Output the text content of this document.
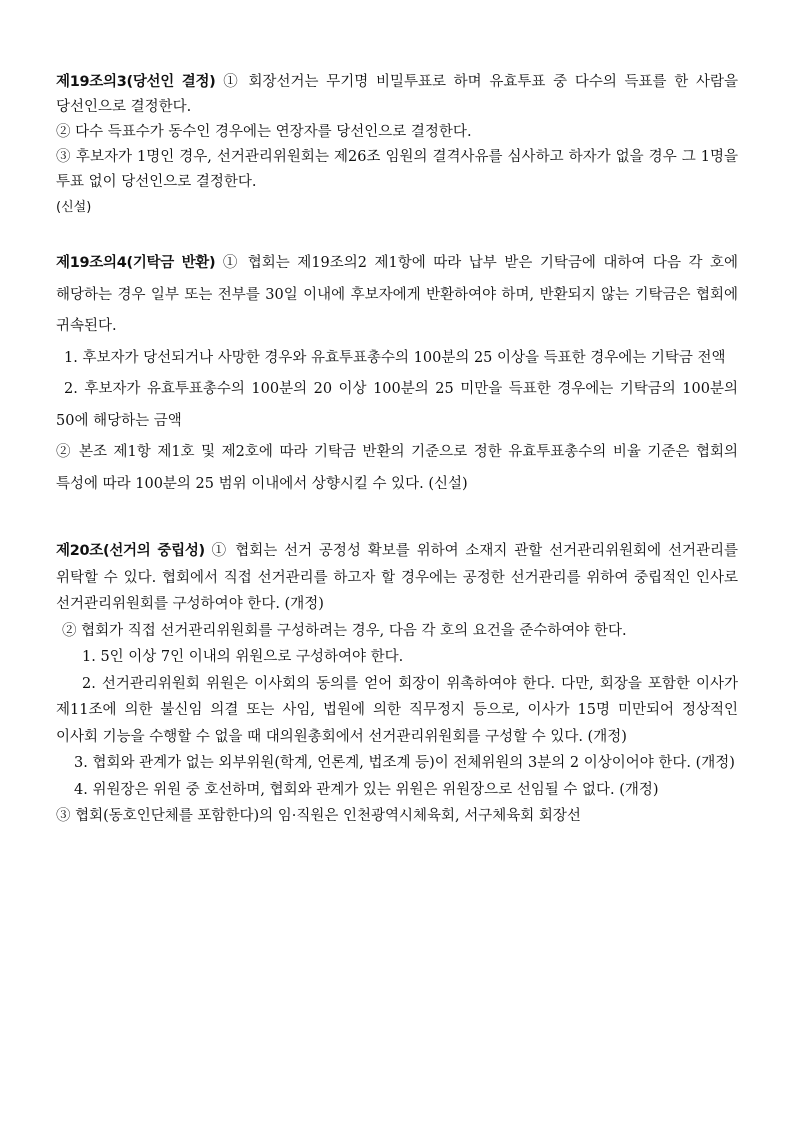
제19조의3(당선인 결정) ① 회장선거는 무기명 비밀투표로 하며 유효투표 중 다수의 득표를 한 사람을 당선인으로 결정한다.

② 다수 득표수가 동수인 경우에는 연장자를 당선인으로 결정한다.

③ 후보자가 1명인 경우, 선거관리위원회는 제26조 임원의 결격사유를 심사하고 하자가 없을 경우 그 1명을 투표 없이 당선인으로 결정한다.

(신설)

제19조의4(기탁금 반환) ① 협회는 제19조의2 제1항에 따라 납부 받은 기탁금에 대하여 다음 각 호에 해당하는 경우 일부 또는 전부를 30일 이내에 후보자에게 반환하여야 하며, 반환되지 않는 기탁금은 협회에 귀속된다.

1. 후보자가 당선되거나 사망한 경우와 유효투표총수의 100분의 25 이상을 득표한 경우에는 기탁금 전액

2. 후보자가 유효투표총수의 100분의 20 이상 100분의 25 미만을 득표한 경우에는 기탁금의 100분의 50에 해당하는 금액

② 본조 제1항 제1호 및 제2호에 따라 기탁금 반환의 기준으로 정한 유효투표총수의 비율 기준은 협회의 특성에 따라 100분의 25 범위 이내에서 상향시킬 수 있다. (신설)

제20조(선거의 중립성) ① 협회는 선거 공정성 확보를 위하여 소재지 관할 선거관리위원회에 선거관리를 위탁할 수 있다. 협회에서 직접 선거관리를 하고자 할 경우에는 공정한 선거관리를 위하여 중립적인 인사로 선거관리위원회를 구성하여야 한다. (개정)

② 협회가 직접 선거관리위원회를 구성하려는 경우, 다음 각 호의 요건을 준수하여야 한다.

1. 5인 이상 7인 이내의 위원으로 구성하여야 한다.

2. 선거관리위원회 위원은 이사회의 동의를 얻어 회장이 위촉하여야 한다. 다만, 회장을 포함한 이사가 제11조에 의한 불신임 의결 또는 사임, 법원에 의한 직무정지 등으로, 이사가 15명 미만되어 정상적인 이사회 기능을 수행할 수 없을 때 대의원총회에서 선거관리위원회를 구성할 수 있다. (개정)

3. 협회와 관계가 없는 외부위원(학계, 언론계, 법조계 등)이 전체위원의 3분의 2 이상이어야 한다. (개정)

4. 위원장은 위원 중 호선하며, 협회와 관계가 있는 위원은 위원장으로 선임될 수 없다. (개정)

③ 협회(동호인단체를 포함한다)의 임·직원은 인천광역시체육회, 서구체육회 회장선
